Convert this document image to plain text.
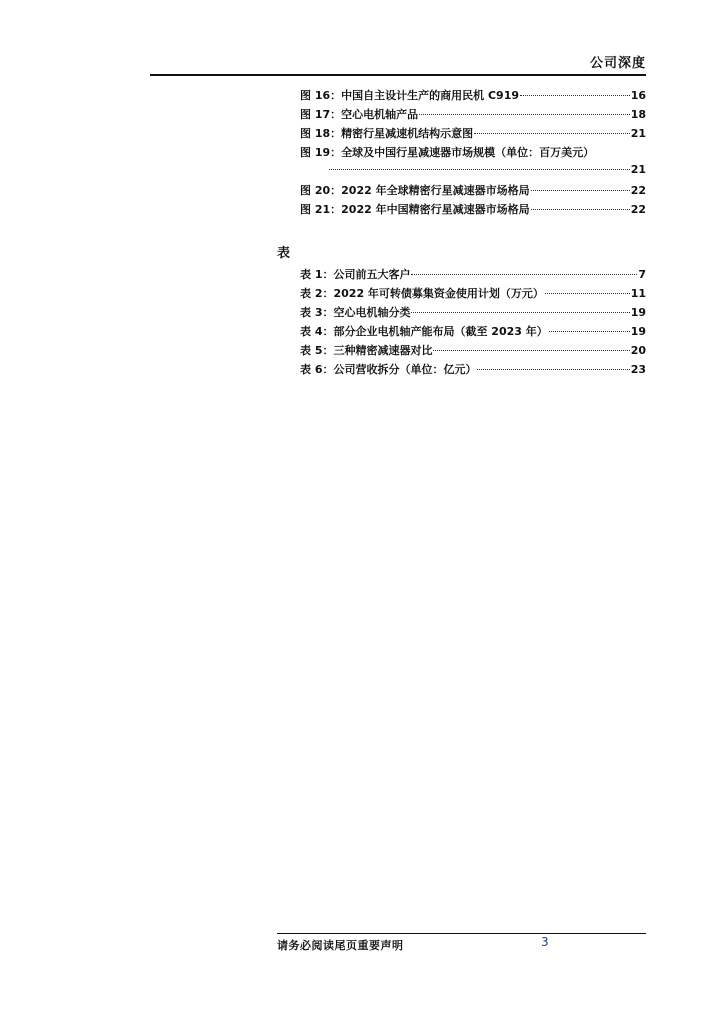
公司深度
图 16：中国自主设计生产的商用民机 C919	16
图 17：空心电机轴产品	18
图 18：精密行星减速机结构示意图	21
图 19：全球及中国行星减速器市场规模（单位：百万美元）
21
图 20：2022 年全球精密行星减速器市场格局	22
图 21：2022 年中国精密行星减速器市场格局	22
表
表 1：公司前五大客户	7
表 2：2022 年可转债募集资金使用计划（万元）	11
表 3：空心电机轴分类	19
表 4：部分企业电机轴产能布局（截至 2023 年）	19
表 5：三种精密减速器对比	20
表 6：公司营收拆分（单位：亿元）	23
请务必阅读尾页重要声明	3
